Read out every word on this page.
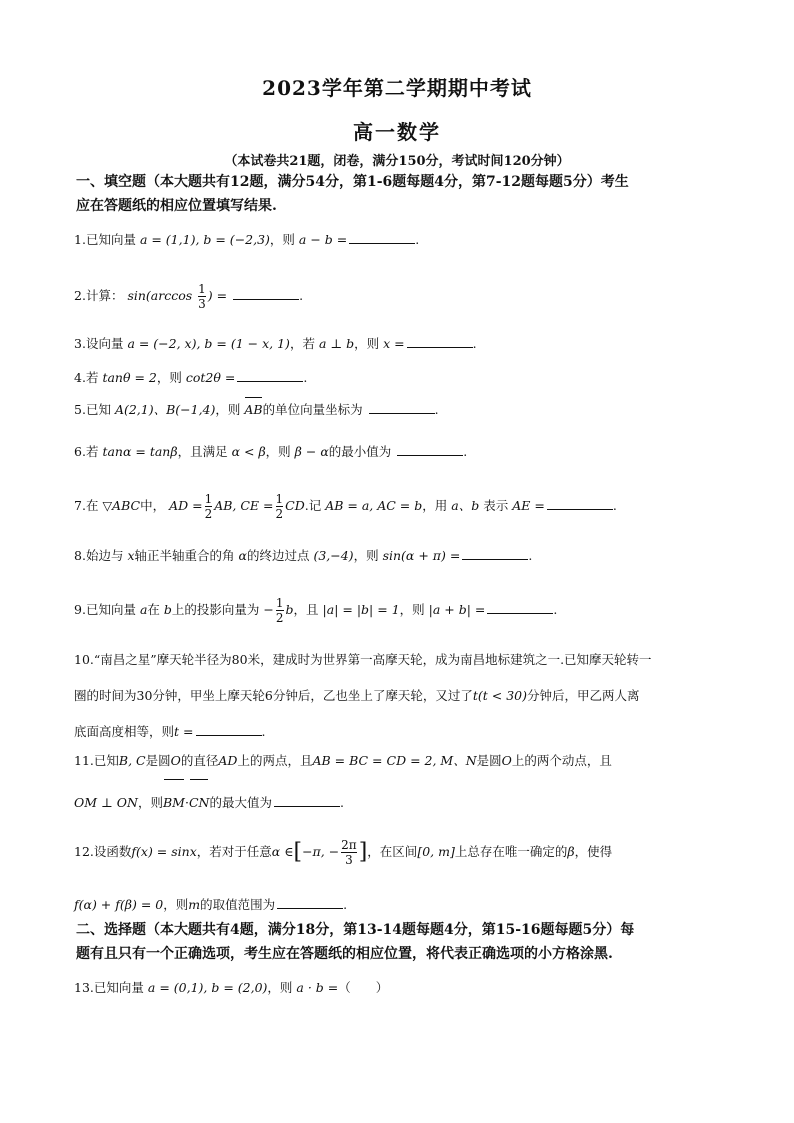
2023学年第二学期期中考试
高一数学
（本试卷共21题，闭卷，满分150分，考试时间120分钟）
一、填空题（本大题共有12题，满分54分，第1-6题每题4分，第7-12题每题5分）考生
应在答题纸的相应位置填写结果.
1.已知向量 a = (1,1), b = (−2,3)，则 a − b =	.
2.计算： $\sin(\arccos \frac{1}{3}$ ) =	.
3.设向量 a = (−2, x), b = (1 − x, 1)，若 a ⊥ b，则 x =	.
4.若 tanθ = 2，则 cot2θ =	.
5.已知 A(2,1)、B(−1,4)，则 AB的单位向量坐标为	.
6.若 tanα = tanβ，且满足 α < β，则 β − α的最小值为	.
7.在 ▽ABC中， AD = $\frac{1}{2}$ AB, CE = $\frac{1}{2}$ CD.记 AB = a, AC = b，用 a、b 表示 AE =	.
8.始边与 x轴正半轴重合的角 α的终边过点 (3,−4)，则 sin(α + π) =	.
9.已知向量 a在 b上的投影向量为 − $\frac{1}{2}$ b，且 |a| = |b| = 1，则 |a + b| =	.
10.“南昌之星”摩天轮半径为80米，建成时为世界第一高摩天轮，成为南昌地标建筑之一.已知摩天轮转一
圈的时间为30分钟，甲坐上摩天轮6分钟后，乙也坐上了摩天轮，又过了t(t < 30)分钟后，甲乙两人离
底面高度相等，则t =	.
11.已知B, C是圆O的直径AD上的两点，且AB = BC = CD = 2, M、N是圆O上的两个动点，且
OM ⊥ ON，则BM·CN的最大值为	.
12.设函数f(x) = sinx，若对于任意α ∈[−π, − $\frac{2\pi}{3}$ ]，在区间[0, m]上总存在唯一确定的β，使得
f(α) + f(β) = 0，则m的取值范围为	.
二、选择题（本大题共有4题，满分18分，第13-14题每题4分，第15-16题每题5分）每
题有且只有一个正确选项，考生应在答题纸的相应位置，将代表正确选项的小方格涂黑.
13.已知向量 a = (0,1), b = (2,0)，则 a · b =（　　）
